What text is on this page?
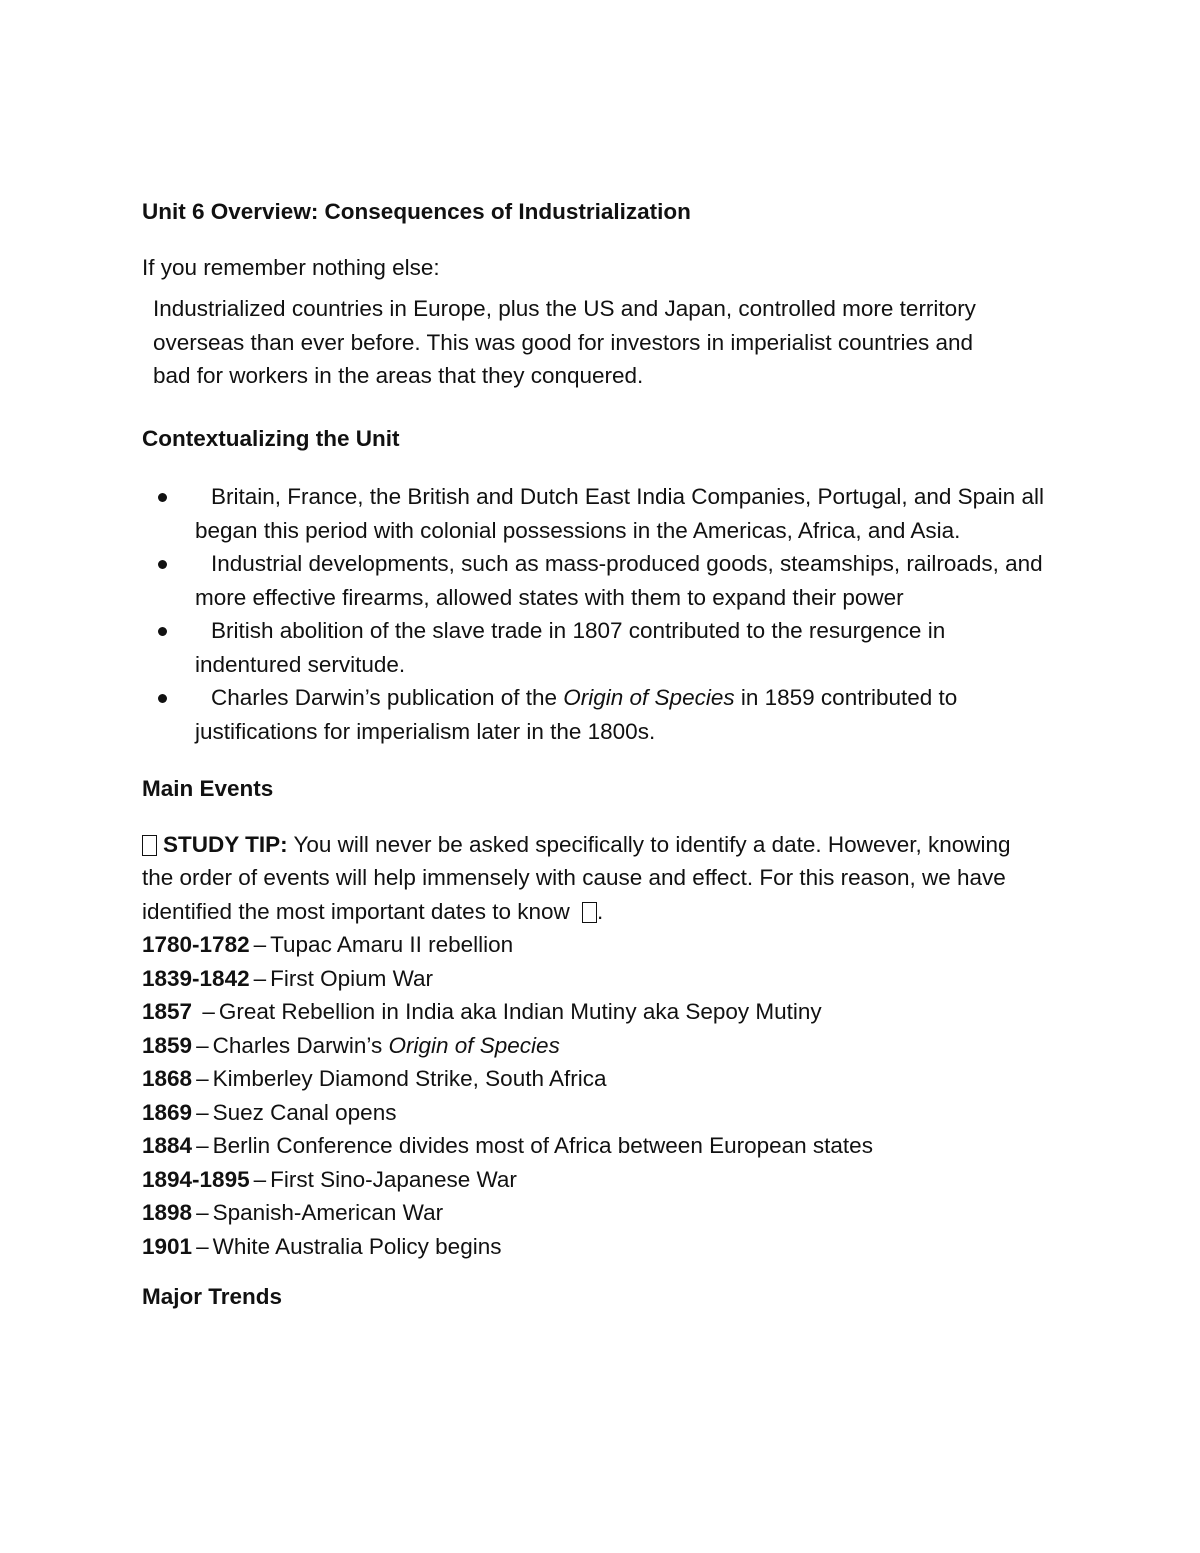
Unit 6 Overview: Consequences of Industrialization

If you remember nothing else:

Industrialized countries in Europe, plus the US and Japan, controlled more territory overseas than ever before. This was good for investors in imperialist countries and bad for workers in the areas that they conquered.

Contextualizing the Unit
Britain, France, the British and Dutch East India Companies, Portugal, and Spain all began this period with colonial possessions in the Americas, Africa, and Asia.
Industrial developments, such as mass-produced goods, steamships, railroads, and more effective firearms, allowed states with them to expand their power
British abolition of the slave trade in 1807 contributed to the resurgence in indentured servitude.
Charles Darwin’s publication of the Origin of Species in 1859 contributed to justifications for imperialism later in the 1800s.
Main Events

STUDY TIP: You will never be asked specifically to identify a date. However, knowing the order of events will help immensely with cause and effect. For this reason, we have identified the most important dates to know .

1780-1782 – Tupac Amaru II rebellion
1839-1842 – First Opium War
1857 – Great Rebellion in India aka Indian Mutiny aka Sepoy Mutiny
1859 – Charles Darwin’s Origin of Species
1868 – Kimberley Diamond Strike, South Africa
1869 – Suez Canal opens
1884 – Berlin Conference divides most of Africa between European states
1894-1895 – First Sino-Japanese War
1898 – Spanish-American War
1901 – White Australia Policy begins
Major Trends
